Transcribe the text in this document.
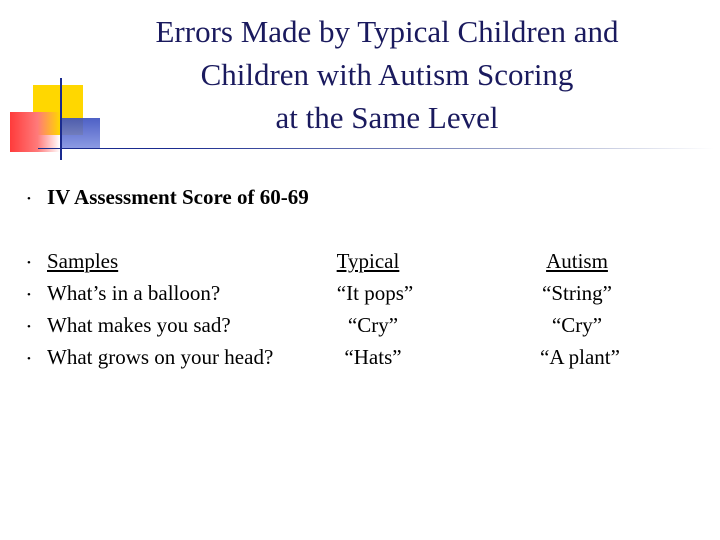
Errors Made by Typical Children and
Children with Autism Scoring
at the Same Level
• IV Assessment Score of 60-69
• Samples	Typical	Autism
• What’s in a balloon?	“It pops”	“String”
• What makes you sad?	“Cry”	“Cry”
• What grows on your head?	“Hats”	“A plant”
